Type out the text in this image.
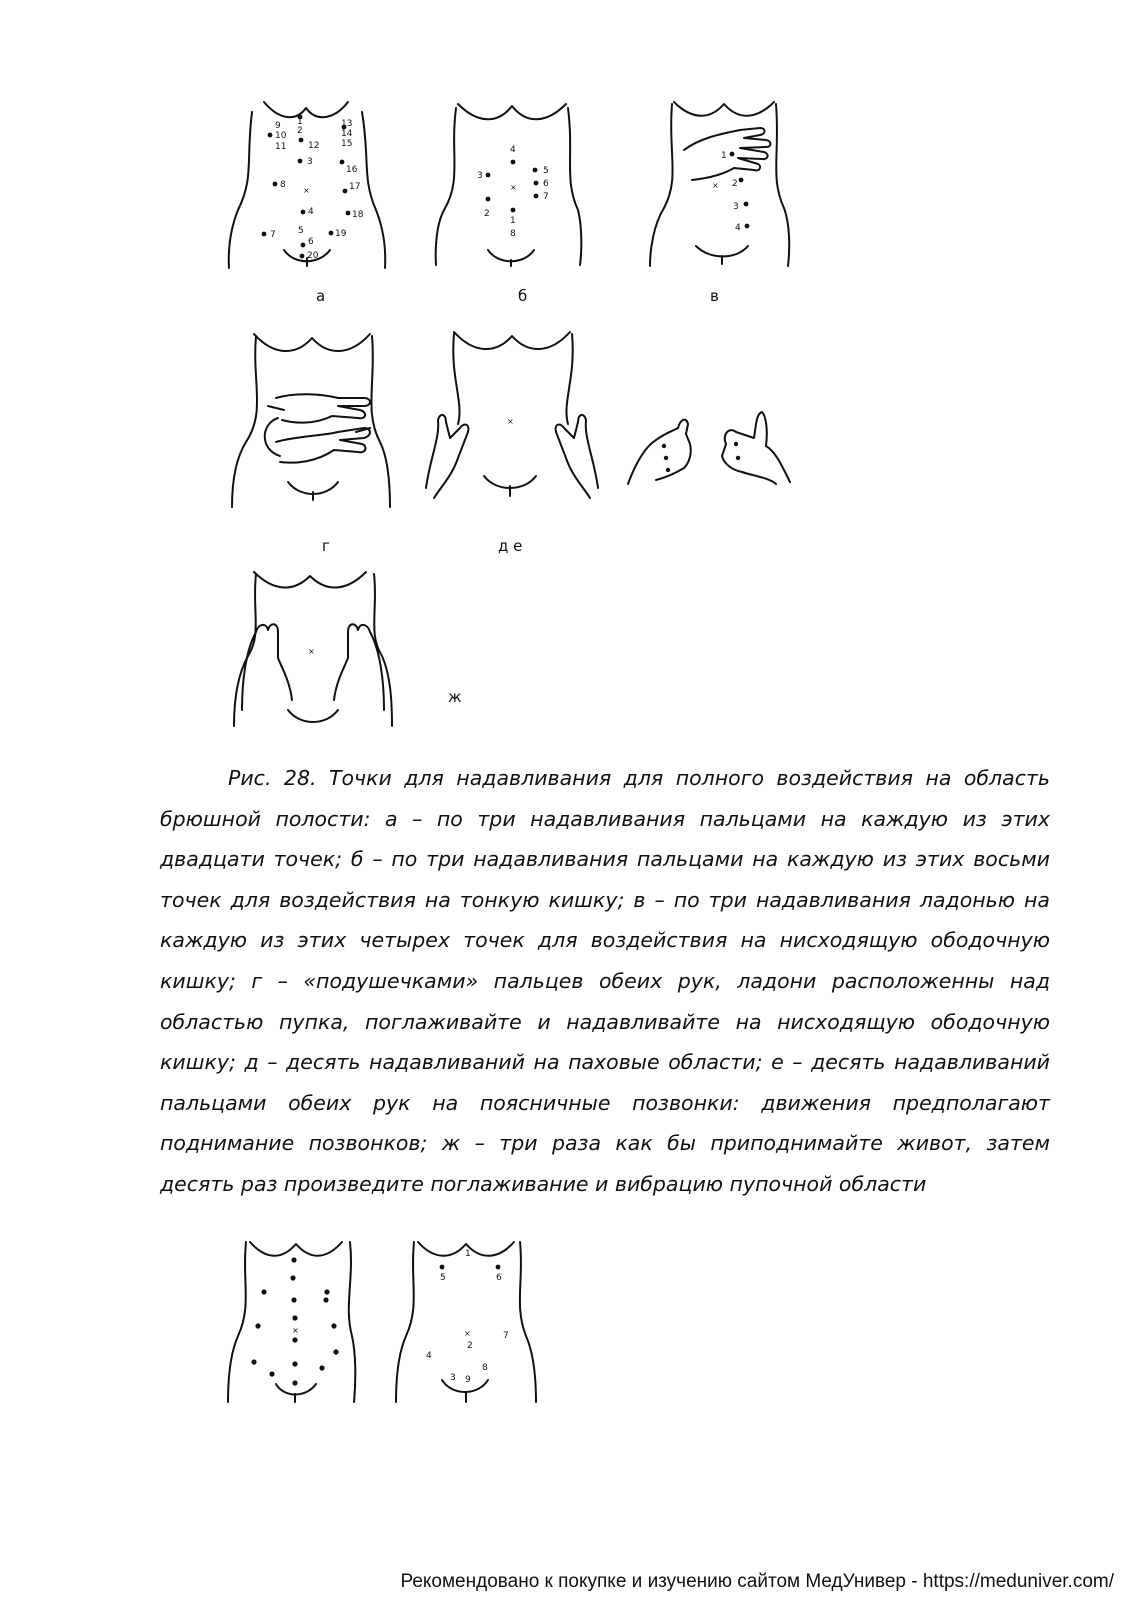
1
2
3
4
5
6
7
8
9
10
11 12
13
14
15
16
17
18
19
20
×
а
1
2
3
4
5
6
7
8
×
б
1
2
3
4
×
в
г
×
д е
×
ж
Рис. 28. Точки для надавливания для полного воздействия на область брюшной полости: а – по три надавливания пальцами на каждую из этих двадцати точек; б – по три надавливания пальцами на каждую из этих восьми точек для воздействия на тонкую кишку; в – по три надавливания ладонью на каждую из этих четырех точек для воздействия на нисходящую ободочную кишку; г – «подушечками» пальцев обеих рук, ладони расположенны над областью пупка, поглаживайте и надавливайте на нисходящую ободочную кишку; д – десять надавливаний на паховые области; е – десять надавливаний пальцами обеих рук на поясничные позвонки: движения предполагают поднимание позвонков; ж – три раза как бы приподнимайте живот, затем десять раз произведите поглаживание и вибрацию пупочной области
×
1
2
3
4
5	6
7
8
9
×
Рекомендовано к покупке и изучению сайтом МедУнивер - https://meduniver.com/
